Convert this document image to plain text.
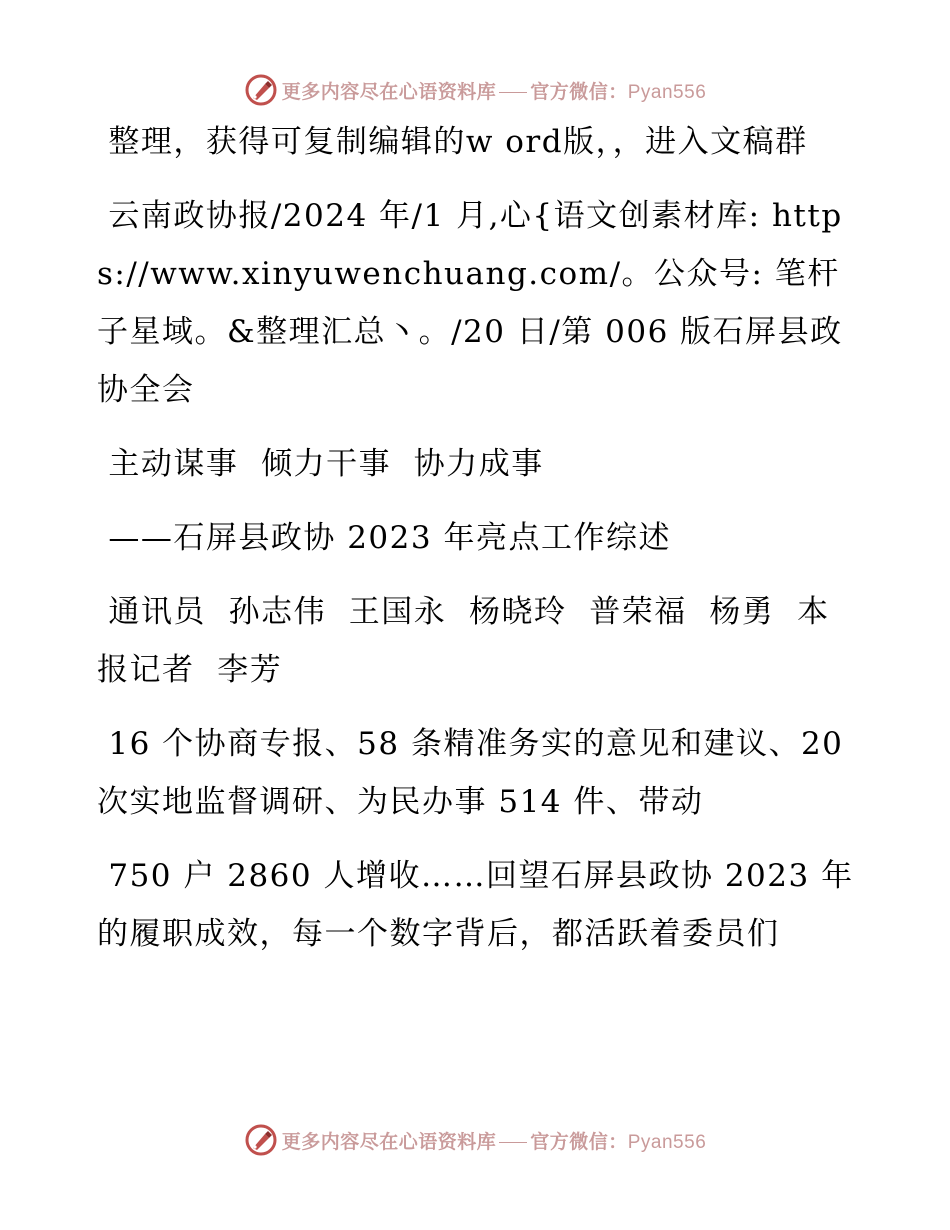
更多内容尽在心语资料库 官方微信：Pyan556

整理，获得可复制编辑的w ord版，，进入文稿群

云南政协报/2024 年/1 月,心{语文创素材库: https://www.xinyuwenchuang.com/。公众号: 笔杆子星域。&整理汇总丶。/20 日/第 006 版石屏县政协全会

主动谋事  倾力干事  协力成事

——石屏县政协 2023 年亮点工作综述

通讯员  孙志伟  王国永  杨晓玲  普荣福  杨勇  本报记者  李芳

16 个协商专报、58 条精准务实的意见和建议、20 次实地监督调研、为民办事 514 件、带动

750 户 2860 人增收……回望石屏县政协 2023 年的履职成效，每一个数字背后，都活跃着委员们

更多内容尽在心语资料库 官方微信：Pyan556
